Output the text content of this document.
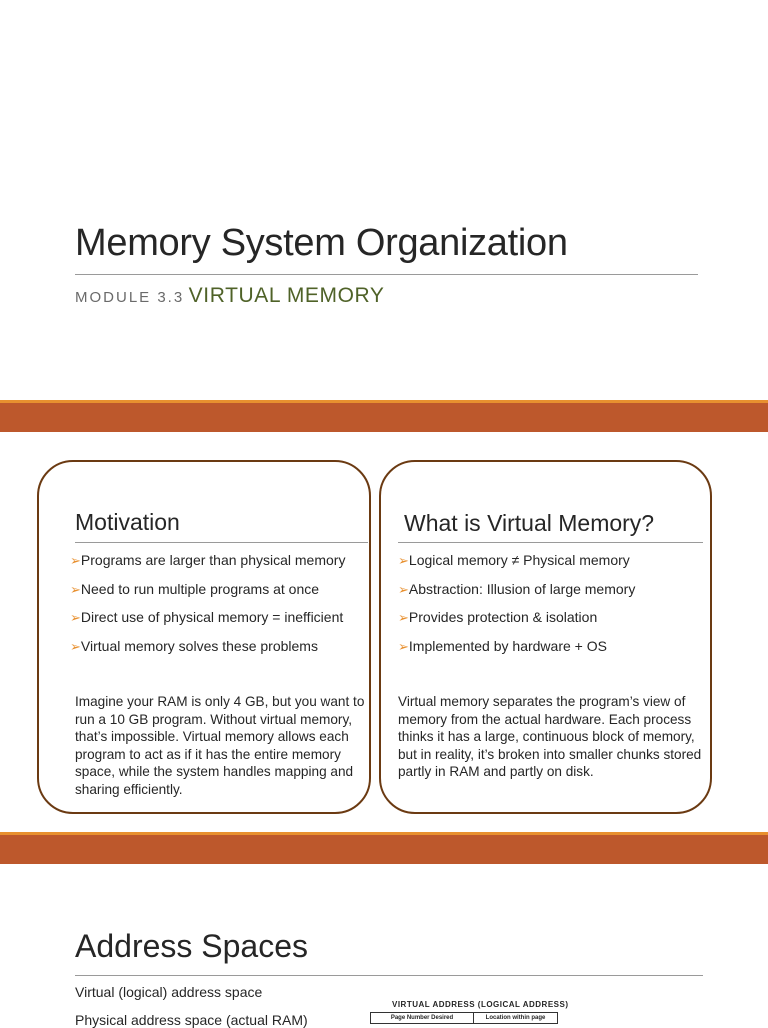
Memory System Organization
MODULE 3.3 VIRTUAL MEMORY
Motivation
➢Programs are larger than physical memory
➢Need to run multiple programs at once
➢Direct use of physical memory = inefficient
➢Virtual memory solves these problems
Imagine your RAM is only 4 GB, but you want to run a 10 GB program. Without virtual memory, that’s impossible. Virtual memory allows each program to act as if it has the entire memory space, while the system handles mapping and sharing efficiently.
What is Virtual Memory?
➢Logical memory ≠ Physical memory
➢Abstraction: Illusion of large memory
➢Provides protection & isolation
➢Implemented by hardware + OS
Virtual memory separates the program’s view of memory from the actual hardware. Each process thinks it has a large, continuous block of memory, but in reality, it’s broken into smaller chunks stored partly in RAM and partly on disk.
Address Spaces
Virtual (logical) address space
Physical address space (actual RAM)
VIRTUAL ADDRESS (LOGICAL ADDRESS)
Page Number Desired	Location within page
